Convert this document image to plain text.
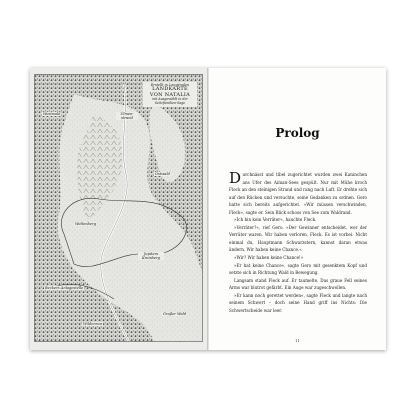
Erstellt in Langänglen
LANDKARTE
VON NATALIA
mit Ausgewählt in der
Seitzfamilien-Sage
Westwald	Ulmen-strand
Ostwald
Weltenberg
Jupiters Kreisberg
Beckers Anlagestelle
Wildenrun
Großer Wald
Prolog

Durchnässt und tibel zugerichtet wurden zwei Kaninchen ans Ufer des Aiman-Sees gespült. Nur mit Mühe kroch Fleck an den steinigen Strand und rang nach Luft. Er drehte sich auf den Rücken und versuchte, seine Gedanken zu ordnen. Gero hatte sich bereits aufgerichtet. »Wir müssen verschwinden, Fleck«, sagte er. Sein Blick schoss von See zum Waldrand.

»Ich bin kein Verräter«, hauchte Fleck.

»Verräter?«, rief Gero. »Der Gewinner entscheidet, wer der Verräter waren. Wir haben verloren, Fleck. Es ist vorbei. Nicht einmal du, Hauptmann Schwarzstern, kannst daran etwas ändern. Wir haben keine Chance.«

»Wir? Wir haben keine Chance!«

»Er hat keine Chance«, sagte Gero mit gesenktem Kopf und setzte sich in Richtung Wald in Bewegung.

Langsam stand Fleck auf. Er taumelte. Das graue Fell seines Arms war blutrot gefärbt. Ein Auge war zugeschwollen.

»Er kann noch gerettet werden«, sagte Fleck und langte nach seinem Schwert – doch seine Hand griff ins Nichts: Die Schwertscheide war leer.

11
